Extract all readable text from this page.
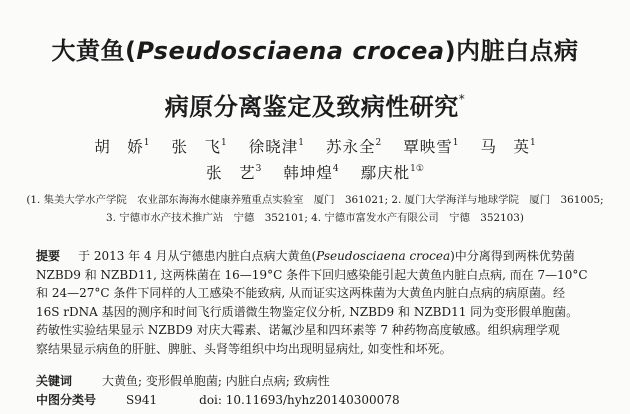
大黄鱼(Pseudosciaena crocea)内脏白点病
病原分离鉴定及致病性研究*
胡　娇$^1$ 张　飞$^1$ 徐晓津$^1$ 苏永全$^2$ 覃映雪$^1$ 马　英$^1$
张　艺$^3$ 韩坤煌$^4$ 鄢庆枇$^{1①}$
(1. 集美大学水产学院　农业部东海海水健康养殖重点实验室　厦门　361021; 2. 厦门大学海洋与地球学院　厦门　361005;
3. 宁德市水产技术推广站　宁德　352101; 4. 宁德市富发水产有限公司　宁德　352103)
提要 于 2013 年 4 月从宁德患内脏白点病大黄鱼(Pseudosciaena crocea)中分离得到两株优势菌
NZBD9 和 NZBD11, 这两株菌在 16—19°C 条件下回归感染能引起大黄鱼内脏白点病, 而在 7—10°C
和 24—27°C 条件下同样的人工感染不能致病, 从而证实这两株菌为大黄鱼内脏白点病的病原菌。经
16S rDNA 基因的测序和时间飞行质谱微生物鉴定仪分析, NZBD9 和 NZBD11 同为变形假单胞菌。
药敏性实验结果显示 NZBD9 对庆大霉素、诺氟沙星和四环素等 7 种药物高度敏感。组织病理学观
察结果显示病鱼的肝脏、脾脏、头肾等组织中均出现明显病灶, 如变性和坏死。
关键词	大黄鱼; 变形假单胞菌; 内脏白点病; 致病性
中图分类号	S941	doi: 10.11693/hyhz20140300078
